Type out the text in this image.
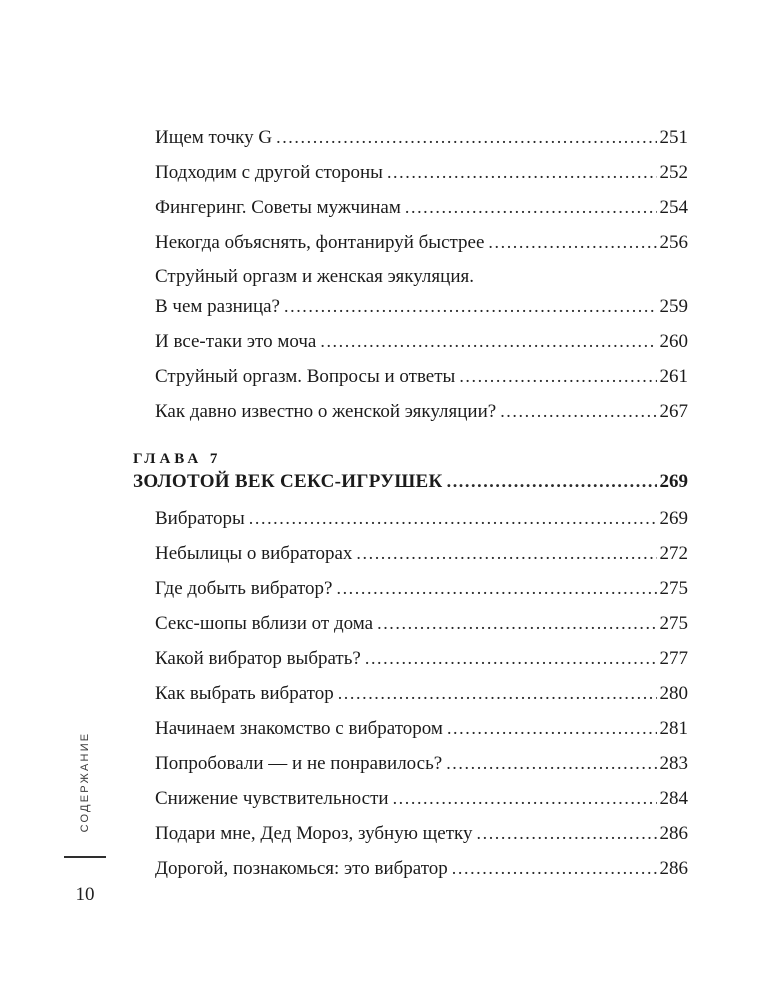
Ищем точку G .....	251
Подходим с другой стороны .....	252
Фингеринг. Советы мужчинам .....	254
Некогда объяснять, фонтанируй быстрее .....	256
Струйный оргазм и женская эякуляция.
В чем разница? .....	259
И все-таки это моча .....	260
Струйный оргазм. Вопросы и ответы .....	261
Как давно известно о женской эякуляции? .....	267
ГЛАВА 7
ЗОЛОТОЙ ВЕК СЕКС-ИГРУШЕК .....	269
Вибраторы .....	269
Небылицы о вибраторах .....	272
Где добыть вибратор? .....	275
Секс-шопы вблизи от дома .....	275
Какой вибратор выбрать? .....	277
Как выбрать вибратор .....	280
Начинаем знакомство с вибратором .....	281
Попробовали — и не понравилось? .....	283
Снижение чувствительности .....	284
Подари мне, Дед Мороз, зубную щетку .....	286
Дорогой, познакомься: это вибратор .....	286
СОДЕРЖАНИЕ
10
